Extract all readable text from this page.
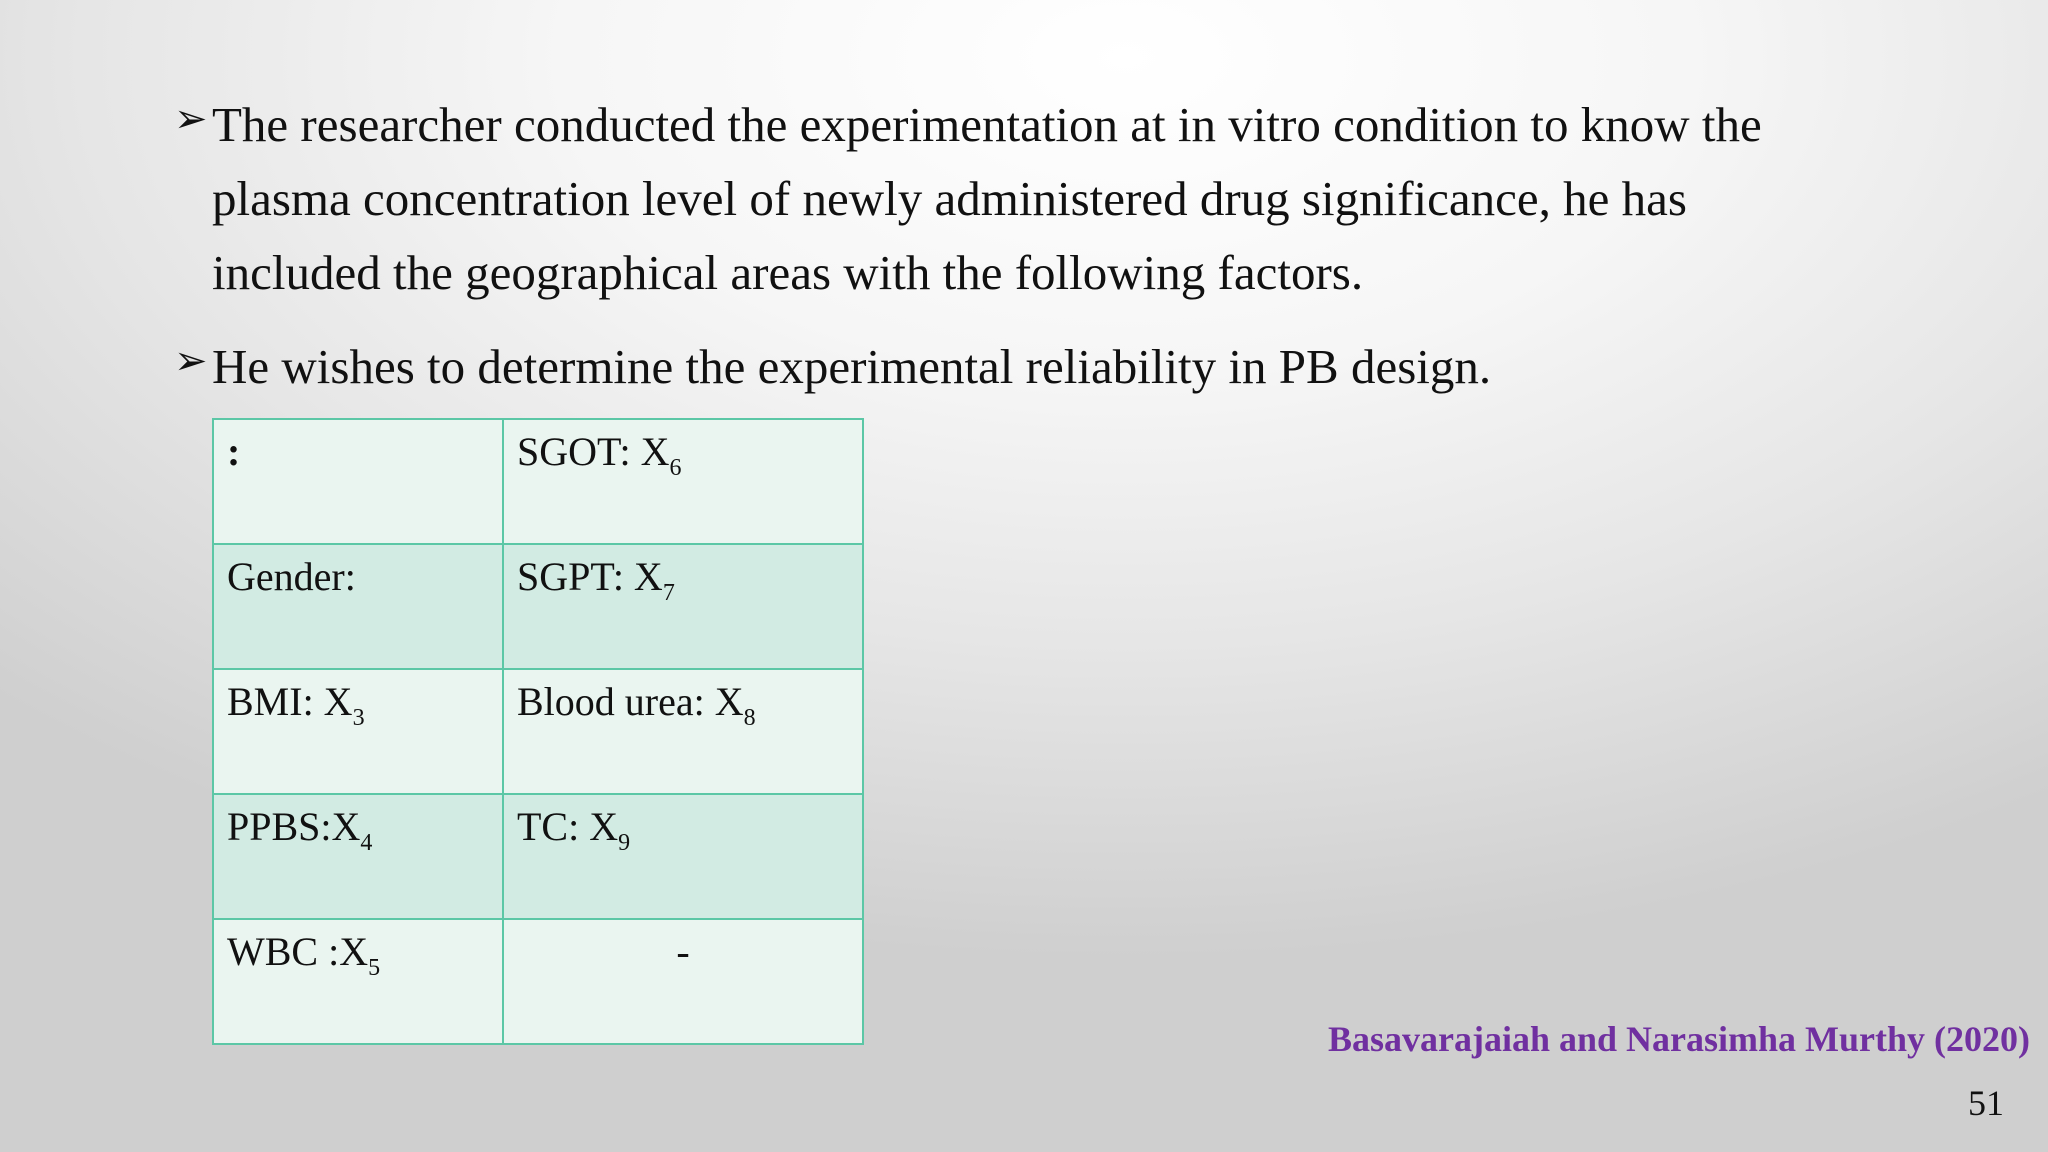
➢ The researcher conducted the experimentation at in vitro condition to know the
plasma concentration level of newly administered drug significance, he has
included the geographical areas with the following factors.
➢ He wishes to determine the experimental reliability in PB design.
:	SGOT: $X_6$
Gender:	SGPT: $X_7$
BMI: $X_3$	Blood urea: $X_8$
$PPBS:X_4$	TC: $X_9$
WBC $:X_5$	-
Basavarajaiah and Narasimha Murthy (2020)
51
